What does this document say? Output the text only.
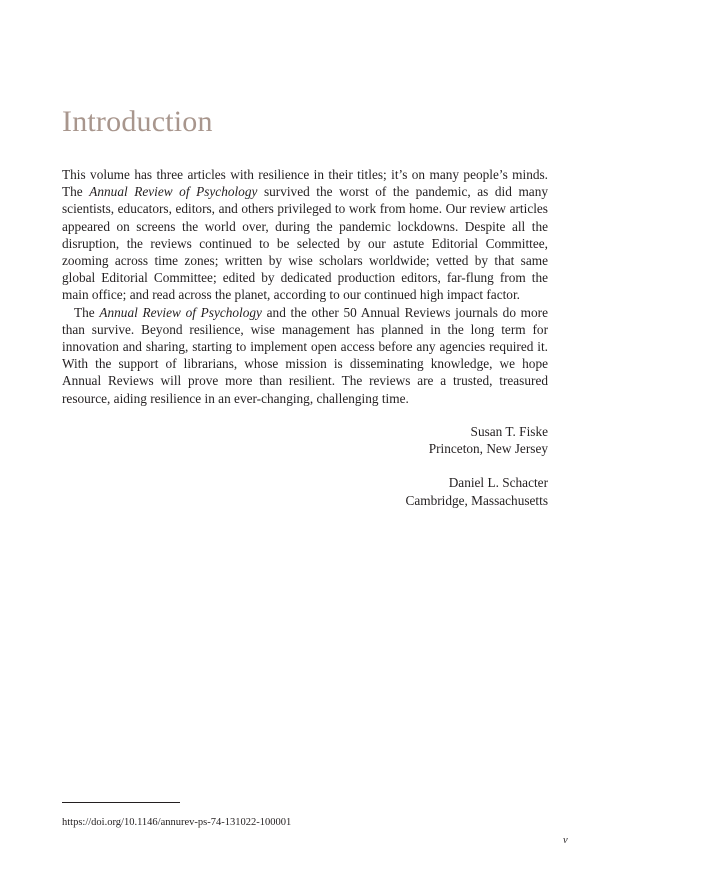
Introduction

This volume has three articles with resilience in their titles; it’s on many people’s minds. The Annual Review of Psychology survived the worst of the pandemic, as did many scientists, educators, editors, and others privileged to work from home. Our review articles appeared on screens the world over, during the pandemic lockdowns. Despite all the disruption, the reviews continued to be selected by our astute Editorial Committee, zooming across time zones; written by wise scholars worldwide; vetted by that same global Editorial Committee; edited by dedicated production editors, far-flung from the main office; and read across the planet, according to our continued high impact factor.

The Annual Review of Psychology and the other 50 Annual Reviews journals do more than survive. Beyond resilience, wise management has planned in the long term for innovation and sharing, starting to implement open access before any agencies required it. With the support of librarians, whose mission is disseminating knowledge, we hope Annual Reviews will prove more than resilient. The reviews are a trusted, treasured resource, aiding resilience in an ever-changing, challenging time.

Susan T. Fiske

Princeton, New Jersey

Daniel L. Schacter

Cambridge, Massachusetts

https://doi.org/10.1146/annurev-ps-74-131022-100001
v
